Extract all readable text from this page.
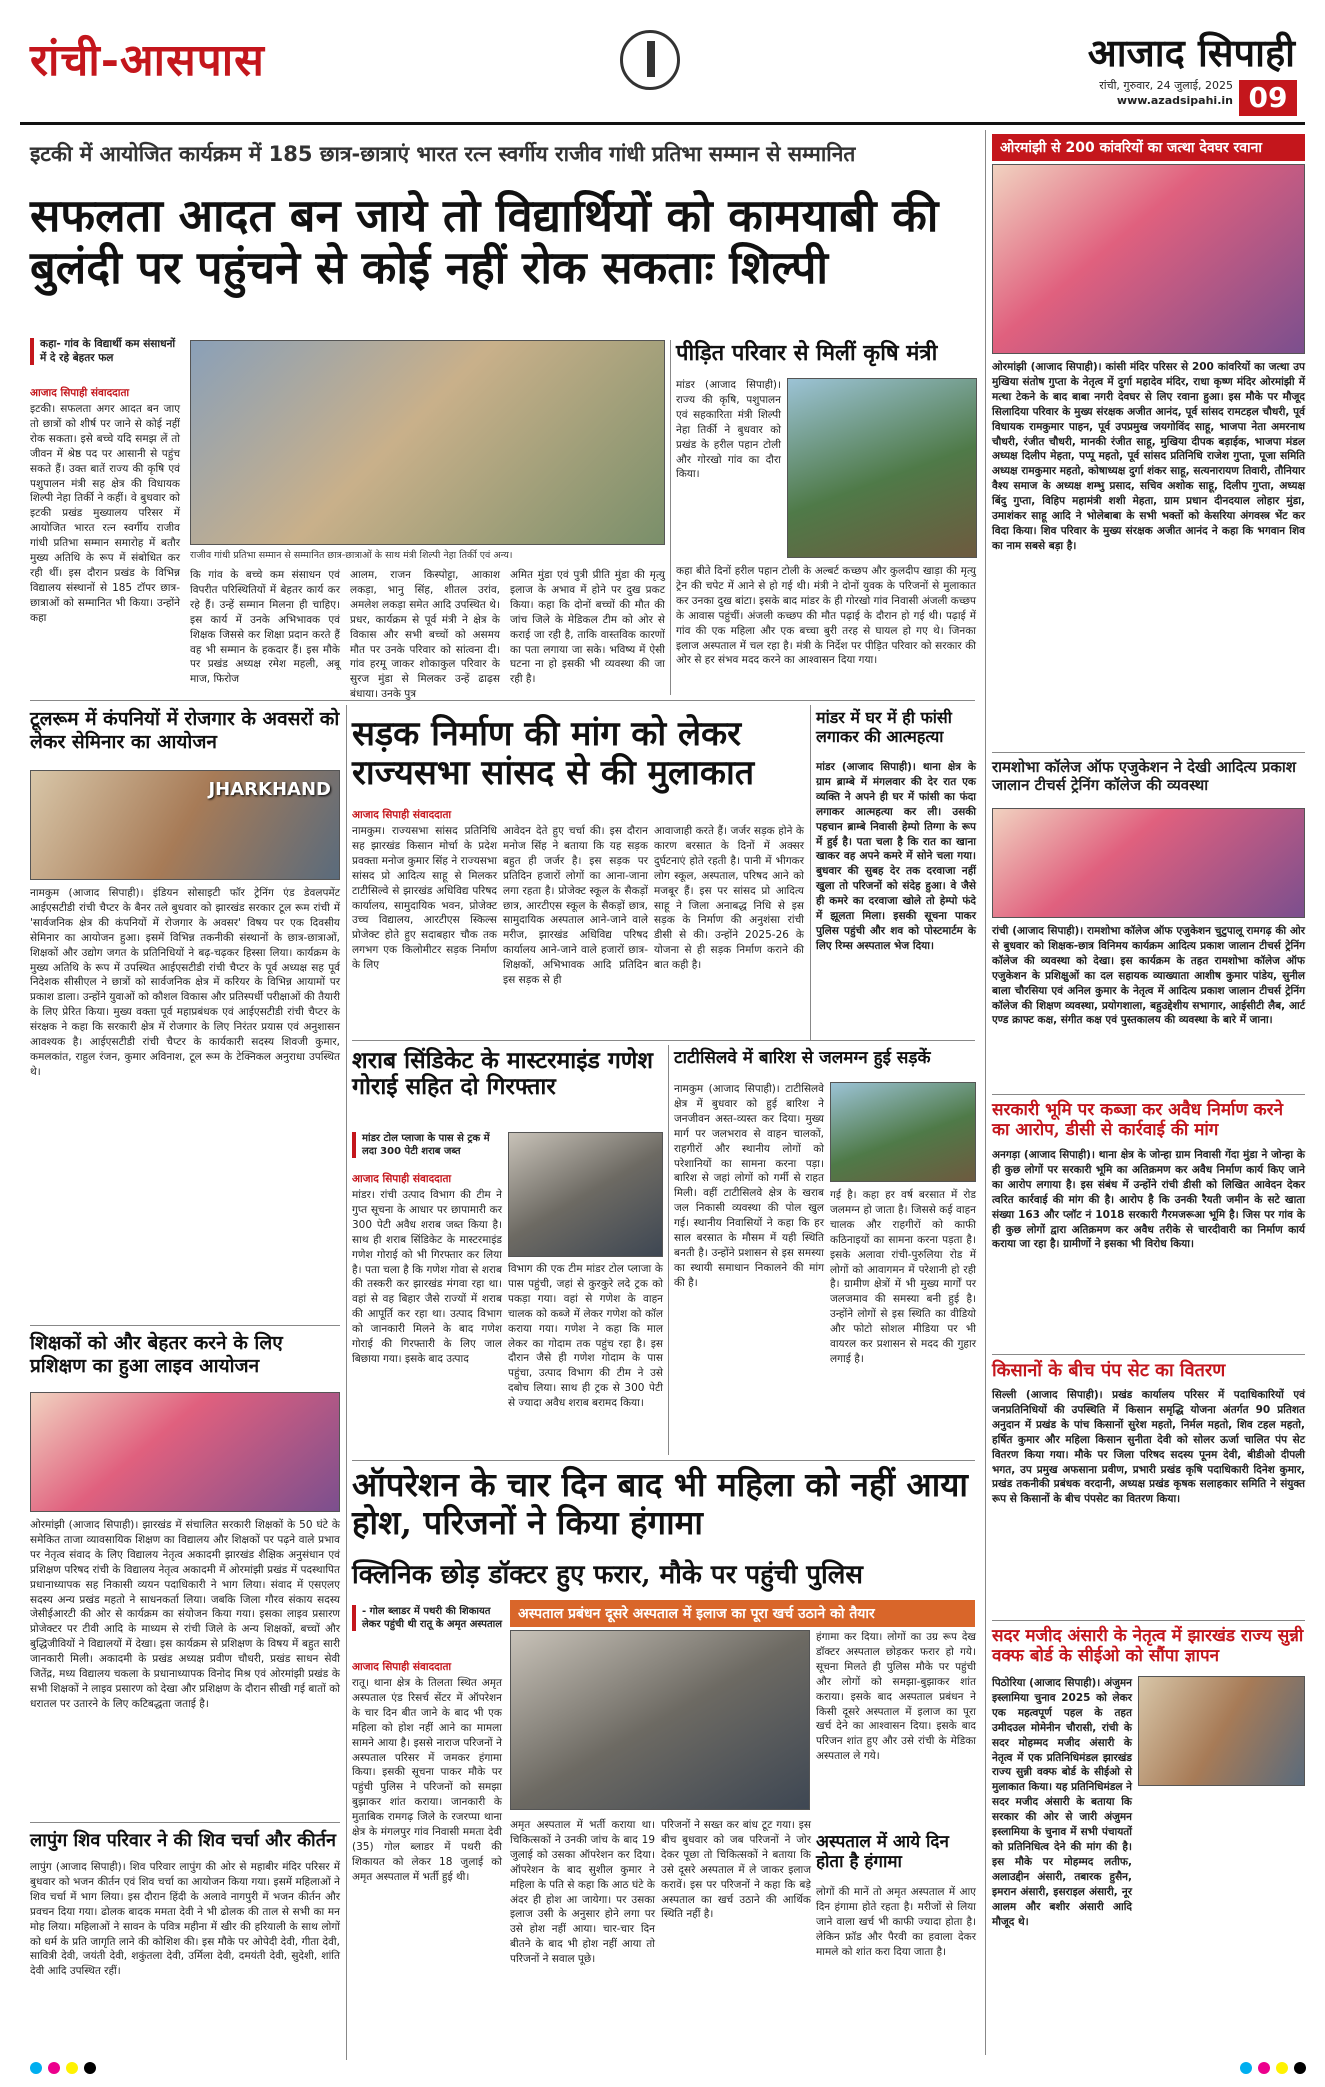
रांची-आसपास	आजाद सिपाही
रांची, गुरुवार, 24 जुलाई, 2025
www.azadsipahi.in 09
इटकी में आयोजित कार्यक्रम में 185 छात्र-छात्राएं भारत रत्न स्वर्गीय राजीव गांधी प्रतिभा सम्मान से सम्मानित
सफलता आदत बन जाये तो विद्यार्थियों को कामयाबी की बुलंदी पर पहुंचने से कोई नहीं रोक सकताः शिल्पी
कहा- गांव के विद्यार्थी कम संसाधनों में दे रहे बेहतर फल
आजाद सिपाही संवाददाता
इटकी। सफलता अगर आदत बन जाए तो छात्रों को शीर्ष पर जाने से कोई नहीं रोक सकता। इसे बच्चे यदि समझ लें तो जीवन में श्रेष्ठ पद पर आसानी से पहुंच सकते हैं। उक्त बातें राज्य की कृषि एवं पशुपालन मंत्री सह क्षेत्र की विधायक शिल्पी नेहा तिर्की ने कहीं। वे बुधवार को इटकी प्रखंड मुख्यालय परिसर में आयोजित भारत रत्न स्वर्गीय राजीव गांधी प्रतिभा सम्मान समारोह में बतौर मुख्य अतिथि के रूप में संबोधित कर रही थीं। इस दौरान प्रखंड के विभिन्न विद्यालय संस्थानों से 185 टॉपर छात्र-छात्राओं को सम्मानित भी किया। उन्होंने कहा
राजीव गांधी प्रतिभा सम्मान से सम्मानित छात्र-छात्राओं के साथ मंत्री शिल्पी नेहा तिर्की एवं अन्य।
कि गांव के बच्चे कम संसाधन एवं विपरीत परिस्थितियों में बेहतर कार्य कर रहे हैं। उन्हें सम्मान मिलना ही चाहिए। इस कार्य में उनके अभिभावक एवं शिक्षक जिससे कर शिक्षा प्रदान करते हैं वह भी सम्मान के हकदार हैं। इस मौके पर प्रखंड अध्यक्ष रमेश महली, अबू माज, फिरोज
आलम, राजन किस्पोट्टा, आकाश लकड़ा, भानु सिंह, शीतल उरांव, अमलेश लकड़ा समेत आदि उपस्थित थे। प्रधर, कार्यक्रम से पूर्व मंत्री ने क्षेत्र के विकास और सभी बच्चों को असमय मौत पर उनके परिवार को सांत्वना दी। गांव हरमू जाकर शोकाकुल परिवार के सुरज मुंडा से मिलकर उन्हें ढाढ़स बंधाया। उनके पुत्र
अमित मुंडा एवं पुत्री प्रीति मुंडा की मृत्यु इलाज के अभाव में होने पर दुख प्रकट किया। कहा कि दोनों बच्चों की मौत की जांच जिले के मेडिकल टीम को ओर से कराई जा रही है, ताकि वास्तविक कारणों का पता लगाया जा सके। भविष्य में ऐसी घटना ना हो इसकी भी व्यवस्था की जा रही है।
पीड़ित परिवार से मिलीं कृषि मंत्री
मांडर (आजाद सिपाही)। राज्य की कृषि, पशुपालन एवं सहकारिता मंत्री शिल्पी नेहा तिर्की ने बुधवार को प्रखंड के हरील पहान टोली और गोरखो गांव का दौरा किया।
कहा बीते दिनों हरील पहान टोली के अल्बर्ट कच्छप और कुलदीप खाड़ा की मृत्यु ट्रेन की चपेट में आने से हो गई थी। मंत्री ने दोनों युवक के परिजनों से मुलाकात कर उनका दुख बांटा। इसके बाद मांडर के ही गोरखो गांव निवासी अंजली कच्छप के आवास पहुंचीं। अंजली कच्छप की मौत पढ़ाई के दौरान हो गई थी। पढ़ाई में गांव की एक महिला और एक बच्चा बुरी तरह से घायल हो गए थे। जिनका इलाज अस्पताल में चल रहा है। मंत्री के निर्देश पर पीड़ित परिवार को सरकार की ओर से हर संभव मदद करने का आश्वासन दिया गया।
टूलरूम में कंपनियों में रोजगार के अवसरों को लेकर सेमिनार का आयोजन
JHARKHAND
नामकुम (आजाद सिपाही)। इंडियन सोसाइटी फॉर ट्रेनिंग एंड डेवलपमेंट आईएसटीडी रांची चैप्टर के बैनर तले बुधवार को झारखंड सरकार टूल रूम रांची में 'सार्वजनिक क्षेत्र की कंपनियों में रोजगार के अवसर' विषय पर एक दिवसीय सेमिनार का आयोजन हुआ। इसमें विभिन्न तकनीकी संस्थानों के छात्र-छात्राओं, शिक्षकों और उद्योग जगत के प्रतिनिधियों ने बढ़-चढ़कर हिस्सा लिया। कार्यक्रम के मुख्य अतिथि के रूप में उपस्थित आईएसटीडी रांची चैप्टर के पूर्व अध्यक्ष सह पूर्व निदेशक सीसीएल ने छात्रों को सार्वजनिक क्षेत्र में करियर के विभिन्न आयामों पर प्रकाश डाला। उन्होंने युवाओं को कौशल विकास और प्रतिस्पर्धी परीक्षाओं की तैयारी के लिए प्रेरित किया। मुख्य वक्ता पूर्व महाप्रबंधक एवं आईएसटीडी रांची चैप्टर के संरक्षक ने कहा कि सरकारी क्षेत्र में रोजगार के लिए निरंतर प्रयास एवं अनुशासन आवश्यक है। आईएसटीडी रांची चैप्टर के कार्यकारी सदस्य शिवजी कुमार, कमलकांत, राहुल रंजन, कुमार अविनाश, टूल रूम के टेक्निकल अनुराधा उपस्थित थे।
शिक्षकों को और बेहतर करने के लिए प्रशिक्षण का हुआ लाइव आयोजन
ओरमांझी (आजाद सिपाही)। झारखंड में संचालित सरकारी शिक्षकों के 50 घंटे के समेकित ताजा व्यावसायिक शिक्षण का विद्यालय और शिक्षकों पर पढ़ने वाले प्रभाव पर नेतृत्व संवाद के लिए विद्यालय नेतृत्व अकादमी झारखंड शैक्षिक अनुसंधान एवं प्रशिक्षण परिषद रांची के विद्यालय नेतृत्व अकादमी में ओरमांझी प्रखंड में पदस्थापित प्रधानाध्यापक सह निकासी व्ययन पदाधिकारी ने भाग लिया। संवाद में एसएलए सदस्य अन्य प्रखंड महतो ने साधनकर्ता लिया। जबकि जिला गौरव संकाय सदस्य जेसीईआरटी की ओर से कार्यक्रम का संयोजन किया गया। इसका लाइव प्रसारण प्रोजेक्टर पर टीवी आदि के माध्यम से रांची जिले के अन्य शिक्षकों, बच्चों और बुद्धिजीवियों ने विद्यालयों में देखा। इस कार्यक्रम से प्रशिक्षण के विषय में बहुत सारी जानकारी मिली। अकादमी के प्रखंड अध्यक्ष प्रवीण चौधरी, प्रखंड साधन सेवी जितेंद्र, मध्य विद्यालय चकला के प्रधानाध्यापक विनोद मिश्र एवं ओरमांझी प्रखंड के सभी शिक्षकों ने लाइव प्रसारण को देखा और प्रशिक्षण के दौरान सीखी गई बातों को धरातल पर उतारने के लिए कटिबद्धता जताई है।
लापुंग शिव परिवार ने की शिव चर्चा और कीर्तन
लापुंग (आजाद सिपाही)। शिव परिवार लापुंग की ओर से महाबीर मंदिर परिसर में बुधवार को भजन कीर्तन एवं शिव चर्चा का आयोजन किया गया। इसमें महिलाओं ने शिव चर्चा में भाग लिया। इस दौरान हिंदी के अलावे नागपुरी में भजन कीर्तन और प्रवचन दिया गया। ढोलक बादक ममता देवी ने भी ढोलक की ताल से सभी का मन मोह लिया। महिलाओं ने सावन के पवित्र महीना में खीर की हरियाली के साथ लोगों को धर्म के प्रति जागृति लाने की कोशिश की। इस मौके पर ओपेदी देवी, गीता देवी, सावित्री देवी, जयंती देवी, शकुंतला देवी, उर्मिला देवी, दमयंती देवी, सुदेशी, शांति देवी आदि उपस्थित रहीं।
सड़क निर्माण की मांग को लेकर राज्यसभा सांसद से की मुलाकात
आजाद सिपाही संवाददाता
नामकुम। राज्यसभा सांसद प्रतिनिधि सह झारखंड किसान मोर्चा के प्रदेश प्रवक्ता मनोज कुमार सिंह ने राज्यसभा सांसद प्रो आदित्य साहू से मिलकर टाटीसिल्वे से झारखंड अधिविद्य परिषद कार्यालय, सामुदायिक भवन, प्रोजेक्ट उच्च विद्यालय, आरटीएस स्किल्स प्रोजेक्ट होते हुए सदाबहार चौक तक लगभग एक किलोमीटर सड़क निर्माण के लिए
आवेदन देते हुए चर्चा की। इस दौरान मनोज सिंह ने बताया कि यह सड़क बहुत ही जर्जर है। इस सड़क पर प्रतिदिन हजारों लोगों का आना-जाना लगा रहता है। प्रोजेक्ट स्कूल के सैकड़ों छात्र, आरटीएस स्कूल के सैकड़ों छात्र, सामुदायिक अस्पताल आने-जाने वाले मरीज, झारखंड अधिविद्य परिषद कार्यालय आने-जाने वाले हजारों छात्र-शिक्षकों, अभिभावक आदि प्रतिदिन इस सड़क से ही
आवाजाही करते हैं। जर्जर सड़क होने के कारण बरसात के दिनों में अक्सर दुर्घटनाएं होते रहती है। पानी में भीगकर लोग स्कूल, अस्पताल, परिषद आने को मजबूर हैं। इस पर सांसद प्रो आदित्य साहू ने जिला अनाबद्ध निधि से इस सड़क के निर्माण की अनुशंसा रांची डीसी से की। उन्होंने 2025-26 के योजना से ही सड़क निर्माण कराने की बात कही है।
मांडर में घर में ही फांसी लगाकर की आत्महत्या
मांडर (आजाद सिपाही)। थाना क्षेत्र के ग्राम ब्राम्बे में मंगलवार की देर रात एक व्यक्ति ने अपने ही घर में फांसी का फंदा लगाकर आत्महत्या कर ली। उसकी पहचान ब्राम्बे निवासी हेम्पो तिग्गा के रूप में हुई है। पता चला है कि रात का खाना खाकर वह अपने कमरे में सोने चला गया। बुधवार की सुबह देर तक दरवाजा नहीं खुला तो परिजनों को संदेह हुआ। वे जैसे ही कमरे का दरवाजा खोले तो हेम्पो फंदे में झूलता मिला। इसकी सूचना पाकर पुलिस पहुंची और शव को पोस्टमार्टम के लिए रिम्स अस्पताल भेज दिया।
शराब सिंडिकेट के मास्टरमाइंड गणेश गोराई सहित दो गिरफ्तार
मांडर टोल प्लाजा के पास से ट्रक में लदा 300 पेटी शराब जब्त
आजाद सिपाही संवाददाता
मांडर। रांची उत्पाद विभाग की टीम ने गुप्त सूचना के आधार पर छापामारी कर 300 पेटी अवैध शराब जब्त किया है। साथ ही शराब सिंडिकेट के मास्टरमाइंड गणेश गोराई को भी गिरफ्तार कर लिया है। पता चला है कि गणेश गोवा से शराब की तस्करी कर झारखंड मंगवा रहा था। वहां से वह बिहार जैसे राज्यों में शराब की आपूर्ति कर रहा था। उत्पाद विभाग को जानकारी मिलने के बाद गणेश गोराई की गिरफ्तारी के लिए जाल बिछाया गया। इसके बाद उत्पाद
विभाग की एक टीम मांडर टोल प्लाजा के पास पहुंची, जहां से कुरकुरे लदे ट्रक को पकड़ा गया। वहां से गणेश के वाहन चालक को कब्जे में लेकर गणेश को कॉल कराया गया। गणेश ने कहा कि माल लेकर का गोदाम तक पहुंच रहा है। इस दौरान जैसे ही गणेश गोदाम के पास पहुंचा, उत्पाद विभाग की टीम ने उसे दबोच लिया। साथ ही ट्रक से 300 पेटी से ज्यादा अवैध शराब बरामद किया।
टाटीसिलवे में बारिश से जलमग्न हुई सड़कें
नामकुम (आजाद सिपाही)। टाटीसिलवे क्षेत्र में बुधवार को हुई बारिश ने जनजीवन अस्त-व्यस्त कर दिया। मुख्य मार्ग पर जलभराव से वाहन चालकों, राहगीरों और स्थानीय लोगों को परेशानियों का सामना करना पड़ा। बारिश से जहां लोगों को गर्मी से राहत मिली। वहीं टाटीसिलवे क्षेत्र के खराब जल निकासी व्यवस्था की पोल खुल गई। स्थानीय निवासियों ने कहा कि हर साल बरसात के मौसम में यही स्थिति बनती है। उन्होंने प्रशासन से इस समस्या का स्थायी समाधान निकालने की मांग की है।
गई है। कहा हर वर्ष बरसात में रोड जलमग्न हो जाता है। जिससे कई वाहन चालक और राहगीरों को काफी कठिनाइयों का सामना करना पड़ता है। इसके अलावा रांची-पुरुलिया रोड में लोगों को आवागमन में परेशानी हो रही है। ग्रामीण क्षेत्रों में भी मुख्य मार्गों पर जलजमाव की समस्या बनी हुई है। उन्होंने लोगों से इस स्थिति का वीडियो और फोटो सोशल मीडिया पर भी वायरल कर प्रशासन से मदद की गुहार लगाई है।
ऑपरेशन के चार दिन बाद भी महिला को नहीं आया होश, परिजनों ने किया हंगामा
क्लिनिक छोड़ डॉक्टर हुए फरार, मौके पर पहुंची पुलिस
- गोल ब्लाडर में पथरी की शिकायत लेकर पहुंची थी रातू के अमृत अस्पताल
अस्पताल प्रबंधन दूसरे अस्पताल में इलाज का पूरा खर्च उठाने को तैयार
आजाद सिपाही संवाददाता
रातू। थाना क्षेत्र के तिलता स्थित अमृत अस्पताल एंड रिसर्च सेंटर में ऑपरेशन के चार दिन बीत जाने के बाद भी एक महिला को होश नहीं आने का मामला सामने आया है। इससे नाराज परिजनों ने अस्पताल परिसर में जमकर हंगामा किया। इसकी सूचना पाकर मौके पर पहुंची पुलिस ने परिजनों को समझा बुझाकर शांत कराया। जानकारी के मुताबिक रामगढ़ जिले के रजरप्पा थाना क्षेत्र के मंगलपुर गांव निवासी ममता देवी (35) गोल ब्लाडर में पथरी की शिकायत को लेकर 18 जुलाई को अमृत अस्पताल में भर्ती हुई थी।
हंगामा कर दिया। लोगों का उग्र रूप देख डॉक्टर अस्पताल छोड़कर फरार हो गये। सूचना मिलते ही पुलिस मौके पर पहुंची और लोगों को समझा-बुझाकर शांत कराया। इसके बाद अस्पताल प्रबंधन ने किसी दूसरे अस्पताल में इलाज का पूरा खर्च देने का आश्वासन दिया। इसके बाद परिजन शांत हुए और उसे रांची के मेडिका अस्पताल ले गये।
अमृत अस्पताल में भर्ती कराया था। चिकित्सकों ने उनकी जांच के बाद 19 जुलाई को उसका ऑपरेशन कर दिया। ऑपरेशन के बाद सुशील कुमार ने महिला के पति से कहा कि आठ घंटे के अंदर ही होश आ जायेगा। पर उसका इलाज उसी के अनुसार होने लगा पर उसे होश नहीं आया। चार-चार दिन बीतने के बाद भी होश नहीं आया तो परिजनों ने सवाल पूछे।
परिजनों ने सख्त कर बांध टूट गया। इस बीच बुधवार को जब परिजनों ने जोर देकर पूछा तो चिकित्सकों ने बताया कि उसे दूसरे अस्पताल में ले जाकर इलाज करावें। इस पर परिजनों ने कहा कि बड़े अस्पताल का खर्च उठाने की आर्थिक स्थिति नहीं है।
अस्पताल में आये दिन होता है हंगामा
लोगों की मानें तो अमृत अस्पताल में आए दिन हंगामा होते रहता है। मरीजों से लिया जाने वाला खर्च भी काफी ज्यादा होता है। लेकिन फ्रॉड और पैरवी का हवाला देकर मामले को शांत करा दिया जाता है।
ओरमांझी से 200 कांवरियों का जत्था देवघर रवाना
ओरमांझी (आजाद सिपाही)। कांसी मंदिर परिसर से 200 कांवरियों का जत्था उप मुखिया संतोष गुप्ता के नेतृत्व में दुर्गा महादेव मंदिर, राधा कृष्ण मंदिर ओरमांझी में मत्था टेकने के बाद बाबा नगरी देवघर से लिए रवाना हुआ। इस मौके पर मौजूद सिलादिया परिवार के मुख्य संरक्षक अजीत आनंद, पूर्व सांसद रामटहल चौधरी, पूर्व विधायक रामकुमार पाहन, पूर्व उपप्रमुख जयगोविंद साहू, भाजपा नेता अमरनाथ चौधरी, रंजीत चौधरी, मानकी रंजीत साहू, मुखिया दीपक बड़ाईक, भाजपा मंडल अध्यक्ष दिलीप मेहता, पप्पू महतो, पूर्व सांसद प्रतिनिधि राजेश गुप्ता, पूजा समिति अध्यक्ष रामकुमार महतो, कोषाध्यक्ष दुर्गा शंकर साहू, सत्यनारायण तिवारी, तौनियार वैश्य समाज के अध्यक्ष शम्भु प्रसाद, सचिव अशोक साहू, दिलीप गुप्ता, अध्यक्ष बिंदु गुप्ता, विहिप महामंत्री शशी मेहता, ग्राम प्रधान दीनदयाल लोहार मुंडा, उमाशंकर साहू आदि ने भोलेबाबा के सभी भक्तों को केसरिया अंगवस्त्र भेंट कर विदा किया। शिव परिवार के मुख्य संरक्षक अजीत आनंद ने कहा कि भगवान शिव का नाम सबसे बड़ा है।
रामशोभा कॉलेज ऑफ एजुकेशन ने देखी आदित्य प्रकाश जालान टीचर्स ट्रेनिंग कॉलेज की व्यवस्था
रांची (आजाद सिपाही)। रामशोभा कॉलेज ऑफ एजुकेशन चुटुपालू रामगढ़ की ओर से बुधवार को शिक्षक-छात्र विनिमय कार्यक्रम आदित्य प्रकाश जालान टीचर्स ट्रेनिंग कॉलेज की व्यवस्था को देखा। इस कार्यक्रम के तहत रामशोभा कॉलेज ऑफ एजुकेशन के प्रशिक्षुओं का दल सहायक व्याख्याता आशीष कुमार पांडेय, सुनील बाला चौरसिया एवं अनिल कुमार के नेतृत्व में आदित्य प्रकाश जालान टीचर्स ट्रेनिंग कॉलेज की शिक्षण व्यवस्था, प्रयोगशाला, बहुउद्देशीय सभागार, आईसीटी लैब, आर्ट एण्ड क्राफ्ट कक्ष, संगीत कक्ष एवं पुस्तकालय की व्यवस्था के बारे में जाना।
सरकारी भूमि पर कब्जा कर अवैध निर्माण करने का आरोप, डीसी से कार्रवाई की मांग
अनगड़ा (आजाद सिपाही)। थाना क्षेत्र के जोन्हा ग्राम निवासी गेंदा मुंडा ने जोन्हा के ही कुछ लोगों पर सरकारी भूमि का अतिक्रमण कर अवैध निर्माण कार्य किए जाने का आरोप लगाया है। इस संबंध में उन्होंने रांची डीसी को लिखित आवेदन देकर त्वरित कार्रवाई की मांग की है। आरोप है कि उनकी रैयती जमीन के सटे खाता संख्या 163 और प्लॉट नं 1018 सरकारी गैरमजरूआ भूमि है। जिस पर गांव के ही कुछ लोगों द्वारा अतिक्रमण कर अवैध तरीके से चारदीवारी का निर्माण कार्य कराया जा रहा है। ग्रामीणों ने इसका भी विरोध किया।
किसानों के बीच पंप सेट का वितरण
सिल्ली (आजाद सिपाही)। प्रखंड कार्यालय परिसर में पदाधिकारियों एवं जनप्रतिनिधियों की उपस्थिति में किसान समृद्धि योजना अंतर्गत 90 प्रतिशत अनुदान में प्रखंड के पांच किसानों सुरेश महतो, निर्मल महतो, शिव टहल महतो, हर्षित कुमार और महिला किसान सुनीता देवी को सोलर ऊर्जा चालित पंप सेट वितरण किया गया। मौके पर जिला परिषद सदस्य पूनम देवी, बीडीओ दीपली भगत, उप प्रमुख अफसाना प्रवीण, प्रभारी प्रखंड कृषि पदाधिकारी दिनेश कुमार, प्रखंड तकनीकी प्रबंधक वरदानी, अध्यक्ष प्रखंड कृषक सलाहकार समिति ने संयुक्त रूप से किसानों के बीच पंपसेट का वितरण किया।
सदर मजीद अंसारी के नेतृत्व में झारखंड राज्य सुन्नी वक्फ बोर्ड के सीईओ को सौंपा ज्ञापन
पिठोरिया (आजाद सिपाही)। अंजुमन इस्लामिया चुनाव 2025 को लेकर एक महत्वपूर्ण पहल के तहत उमीदउल मोमेनीन चौरासी, रांची के सदर मोहम्मद मजीद अंसारी के नेतृत्व में एक प्रतिनिधिमंडल झारखंड राज्य सुन्नी वक्फ बोर्ड के सीईओ से मुलाकात किया। यह प्रतिनिधिमंडल ने सदर मजीद अंसारी के बताया कि सरकार की ओर से जारी अंजुमन इस्लामिया के चुनाव में सभी पंचायतों को प्रतिनिधित्व देने की मांग की है। इस मौके पर मोहम्मद लतीफ, अलाउद्दीन अंसारी, तबारक हुसैन, इमरान अंसारी, इसराइल अंसारी, नूर आलम और बशीर अंसारी आदि मौजूद थे।
